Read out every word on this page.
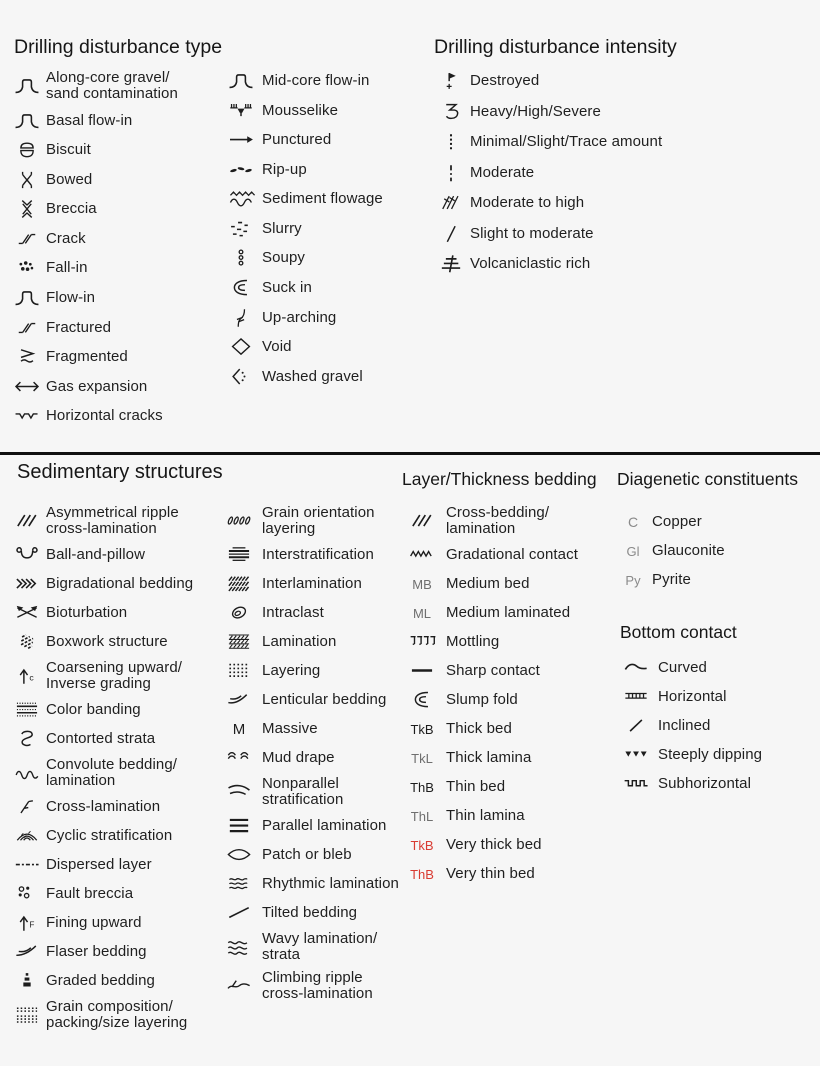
Drilling disturbance type	Drilling disturbance intensity
Along-core gravel/
sand contamination
Basal flow-in
Biscuit
Bowed
Breccia
Crack
Fall-in
Flow-in
Fractured
Fragmented
Gas expansion
Horizontal cracks
Mid-core flow-in
Mousselike
Punctured
Rip-up
Sediment flowage
Slurry
Soupy
Suck in
Up-arching
Void
Washed gravel
Destroyed
Heavy/High/Severe
Minimal/Slight/Trace amount
Moderate
Moderate to high
Slight to moderate
Volcaniclastic rich
Sedimentary structures	Layer/Thickness bedding Diagenetic constituents
Bottom contact
Asymmetrical ripple
cross-lamination
Ball-and-pillow
Bigradational bedding
Bioturbation
Boxwork structure
c
Coarsening upward/
Inverse grading
Color banding
Contorted strata
Convolute bedding/
lamination
Cross-lamination
Cyclic stratification
Dispersed layer
Fault breccia
F Fining upward
Flaser bedding
Graded bedding
Grain composition/
packing/size layering
Grain orientation
layering
Interstratification
Interlamination
Intraclast
Lamination
Layering
Lenticular bedding
M	Massive
Mud drape
Nonparallel
stratification
Parallel lamination
Patch or bleb
Rhythmic lamination
Tilted bedding
Wavy lamination/
strata
Climbing ripple
cross-lamination
Cross-bedding/
lamination
Gradational contact
MB Medium bed
ML Medium laminated
Mottling
Sharp contact
Slump fold
TkB Thick bed
TkL Thick lamina
ThB Thin bed
ThL Thin lamina
TkB Very thick bed
ThB Very thin bed
C Copper
Gl Glauconite
Py Pyrite
Curved
Horizontal
Inclined
Steeply dipping
Subhorizontal
